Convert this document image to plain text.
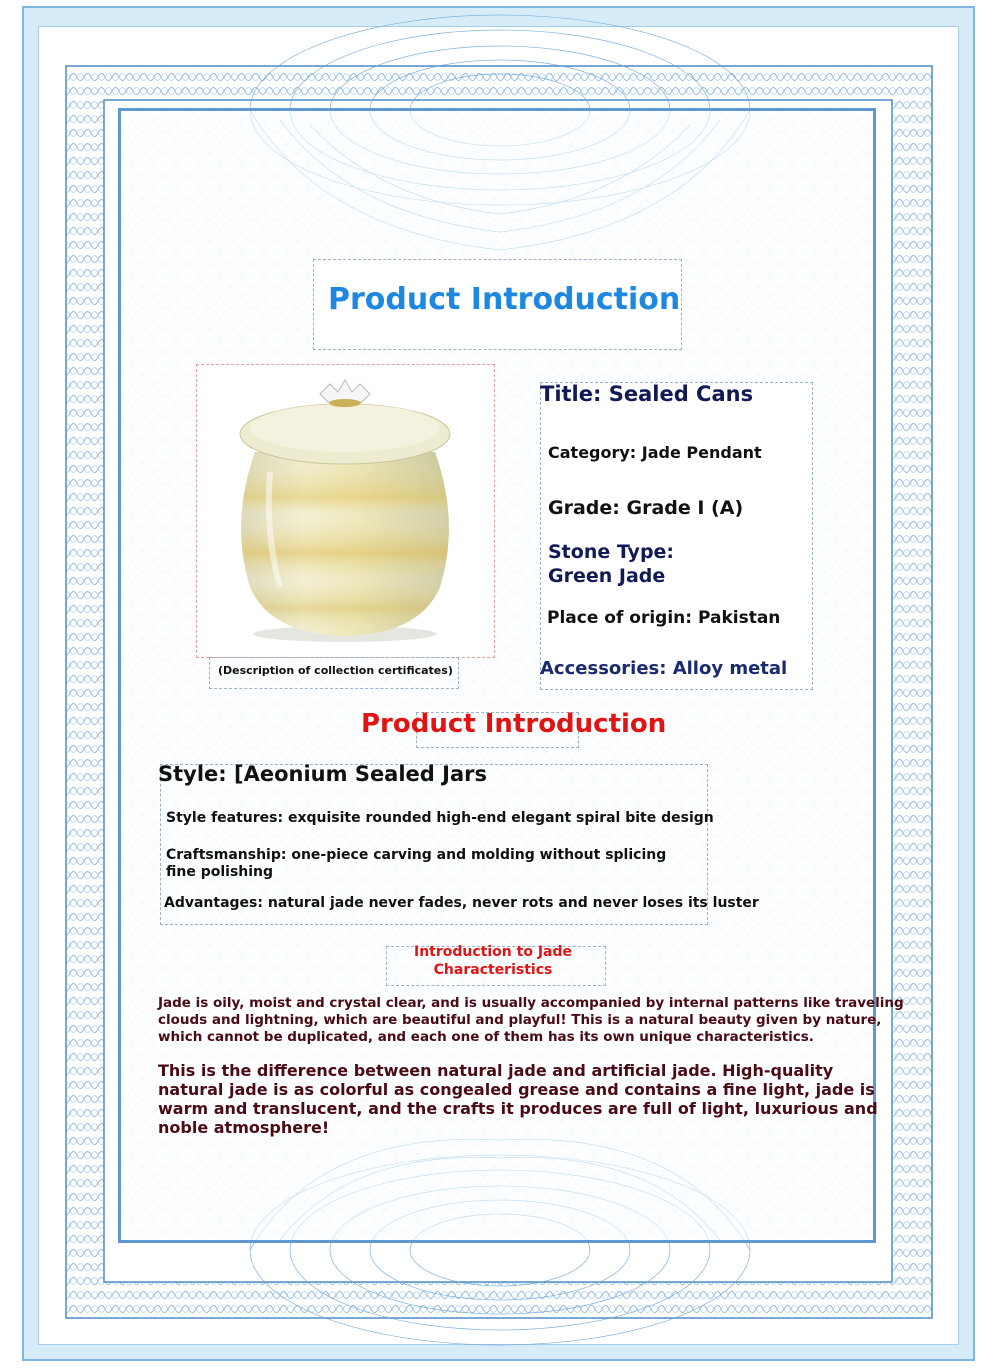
Product Introduction
(Description of collection certificates)
Title: Sealed Cans
Category: Jade Pendant
Grade: Grade I (A)
Stone Type:
Green Jade
Place of origin: Pakistan
Accessories: Alloy metal
Product Introduction
Style: [Aeonium Sealed Jars
Style features: exquisite rounded high-end elegant spiral bite design
Craftsmanship: one-piece carving and molding without splicing
fine polishing
Advantages: natural jade never fades, never rots and never loses its luster
Introduction to Jade
Characteristics
Jade is oily, moist and crystal clear, and is usually accompanied by internal patterns like traveling
clouds and lightning, which are beautiful and playful! This is a natural beauty given by nature,
which cannot be duplicated, and each one of them has its own unique characteristics.
This is the difference between natural jade and artificial jade. High-quality
natural jade is as colorful as congealed grease and contains a fine light, jade is
warm and translucent, and the crafts it produces are full of light, luxurious and
noble atmosphere!
